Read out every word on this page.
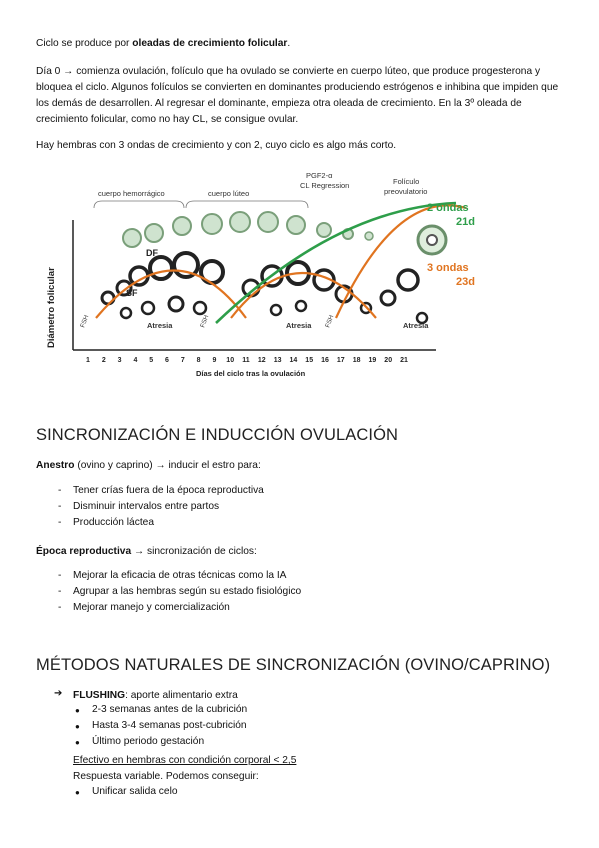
Ciclo se produce por oleadas de crecimiento folicular.
Día 0 → comienza ovulación, folículo que ha ovulado se convierte en cuerpo lúteo, que produce progesterona y bloquea el ciclo. Algunos folículos se convierten en dominantes produciendo estrógenos e inhibina que impiden que los demás de desarrollen. Al regresar el dominante, empieza otra oleada de crecimiento. En la 3º oleada de crecimiento folicular, como no hay CL, se consigue ovular.
Hay hembras con 3 ondas de crecimiento y con 2, cuyo ciclo es algo más corto.
Diámetro folicular
Días del ciclo tras la ovulación
1 2 3 4 5 6 7 8 9 10 11 12 13 14 15 16 17 18 19 20 21
cuerpo hemorrágico	cuerpo lúteo
PGF2-α
CL Regression	Folículo
preovulatorio
2 ondas
21d
3 ondas
23d
DF
SF
FSH	FSH	FSH
Atresia	Atresia	Atresia
SINCRONIZACIÓN E INDUCCIÓN OVULACIÓN
Anestro (ovino y caprino) → inducir el estro para:
- Tener crías fuera de la época reproductiva
- Disminuir intervalos entre partos
- Producción láctea
Época reproductiva → sincronización de ciclos:
- Mejorar la eficacia de otras técnicas como la IA
- Agrupar a las hembras según su estado fisiológico
- Mejorar manejo y comercialización
MÉTODOS NATURALES DE SINCRONIZACIÓN (OVINO/CAPRINO)
➔ FLUSHING: aporte alimentario extra
● 2-3 semanas antes de la cubrición
● Hasta 3-4 semanas post-cubrición
● Último periodo gestación
Efectivo en hembras con condición corporal < 2,5
Respuesta variable. Podemos conseguir:
● Unificar salida celo
